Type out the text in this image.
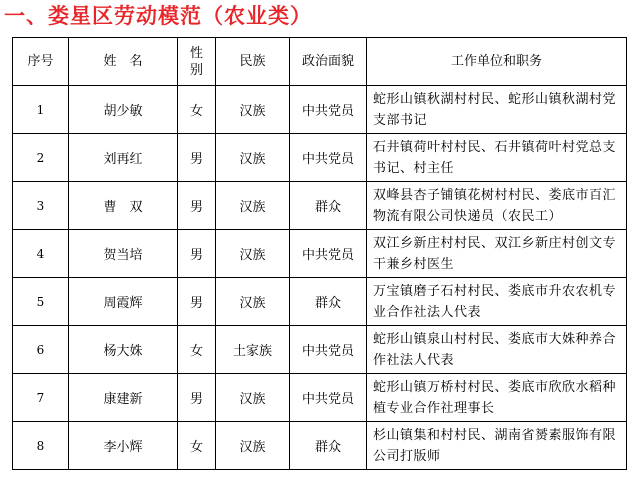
一、娄星区劳动模范（农业类）
序号	姓　名	性别	民族	政治面貌	工作单位和职务
1	胡少敏	女	汉族	中共党员	蛇形山镇秋湖村村民、蛇形山镇秋湖村党支部书记
2	刘再红	男	汉族	中共党员	石井镇荷叶村村民、石井镇荷叶村党总支书记、村主任
3	曹　双	男	汉族	群众	双峰县杏子铺镇花树村村民、娄底市百汇物流有限公司快递员（农民工）
4	贺当培	男	汉族	中共党员	双江乡新庄村村民、双江乡新庄村创文专干兼乡村医生
5	周霞辉	男	汉族	群众	万宝镇磨子石村村民、娄底市升农农机专业合作社法人代表
6	杨大姝	女	土家族	中共党员	蛇形山镇泉山村村民、娄底市大姝种养合作社法人代表
7	康建新	男	汉族	中共党员	蛇形山镇万桥村村民、娄底市欣欣水稻种植专业合作社理事长
8	李小辉	女	汉族	群众	杉山镇集和村村民、湖南省赟素服饰有限公司打版师
